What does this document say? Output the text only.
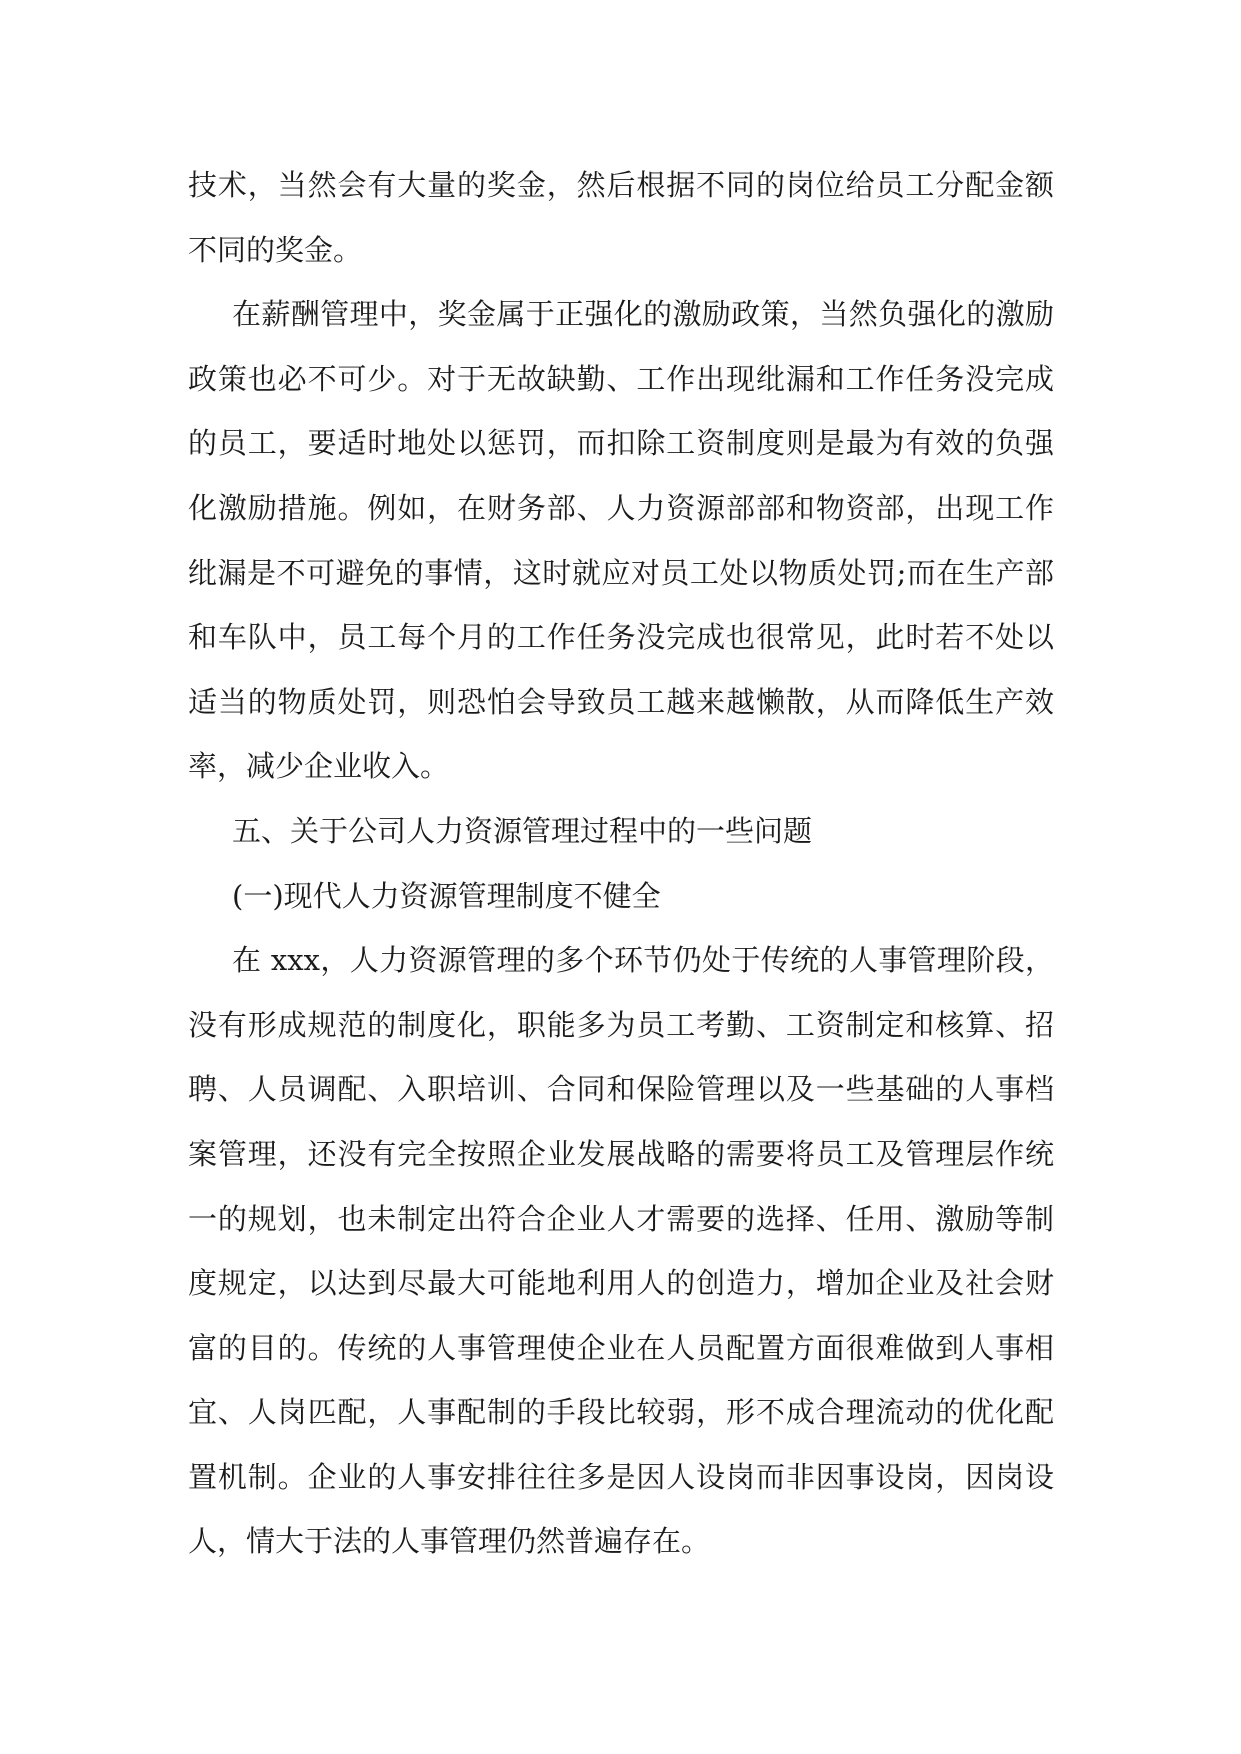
技术，当然会有大量的奖金，然后根据不同的岗位给员工分配金额不同的奖金。

在薪酬管理中，奖金属于正强化的激励政策，当然负强化的激励政策也必不可少。对于无故缺勤、工作出现纰漏和工作任务没完成的员工，要适时地处以惩罚，而扣除工资制度则是最为有效的负强化激励措施。例如，在财务部、人力资源部部和物资部，出现工作纰漏是不可避免的事情，这时就应对员工处以物质处罚;而在生产部和车队中，员工每个月的工作任务没完成也很常见，此时若不处以适当的物质处罚，则恐怕会导致员工越来越懒散，从而降低生产效率，减少企业收入。

五、关于公司人力资源管理过程中的一些问题

(一)现代人力资源管理制度不健全

在 xxx，人力资源管理的多个环节仍处于传统的人事管理阶段，没有形成规范的制度化，职能多为员工考勤、工资制定和核算、招聘、人员调配、入职培训、合同和保险管理以及一些基础的人事档案管理，还没有完全按照企业发展战略的需要将员工及管理层作统一的规划，也未制定出符合企业人才需要的选择、任用、激励等制度规定，以达到尽最大可能地利用人的创造力，增加企业及社会财富的目的。传统的人事管理使企业在人员配置方面很难做到人事相宜、人岗匹配，人事配制的手段比较弱，形不成合理流动的优化配置机制。企业的人事安排往往多是因人设岗而非因事设岗，因岗设人，情大于法的人事管理仍然普遍存在。
